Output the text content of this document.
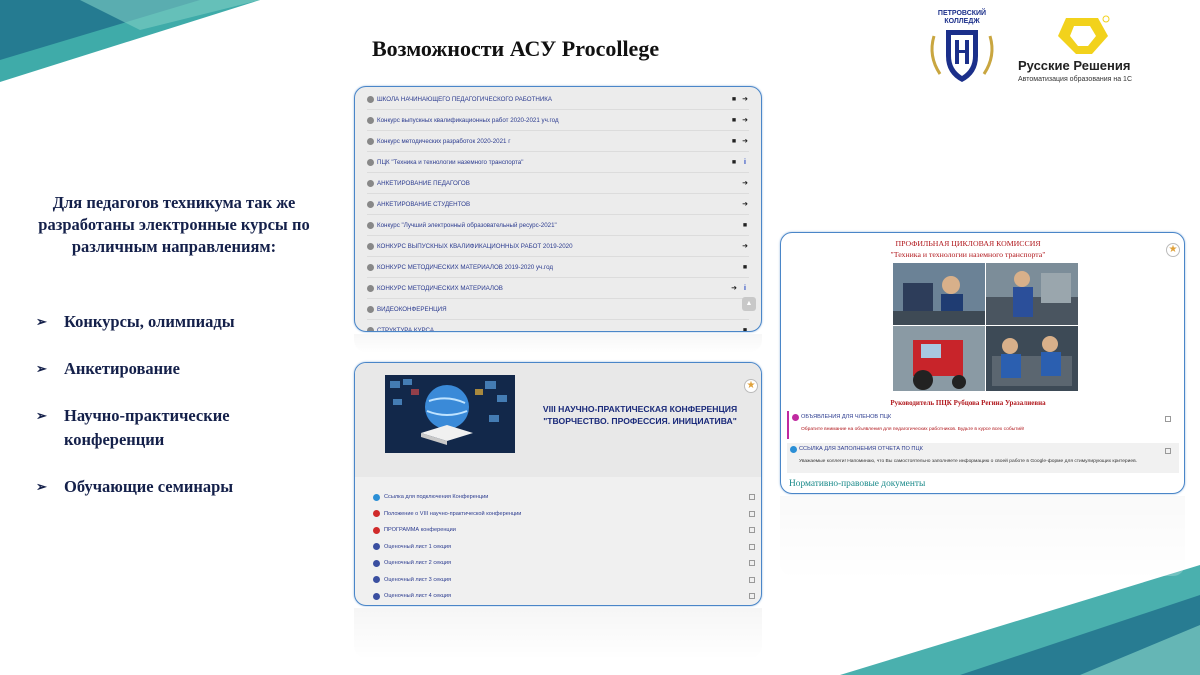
Возможности АСУ Procollege
ПЕТРОВСКИЙ
КОЛЛЕДЖ
Русские Решения
Автоматизация образования на 1С
Для педагогов техникума так же разработаны электронные курсы по различным направлениям:
➢ Конкурсы, олимпиады
➢ Анкетирование
➢ Научно-практические конференции
➢ Обучающие семинары
ШКОЛА НАЧИНАЮЩЕГО ПЕДАГОГИЧЕСКОГО РАБОТНИКА	■ ➜
Конкурс выпускных квалификационных работ 2020-2021 уч.год	■ ➜
Конкурс методических разработок 2020-2021 г	■ ➜
ПЦК "Техника и технологии наземного транспорта"	■	i
АНКЕТИРОВАНИЕ ПЕДАГОГОВ	➜
АНКЕТИРОВАНИЕ СТУДЕНТОВ	➜
Конкурс "Лучший электронный образовательный ресурс-2021"	■
КОНКУРС ВЫПУСКНЫХ КВАЛИФИКАЦИОННЫХ РАБОТ 2019-2020	➜
КОНКУРС МЕТОДИЧЕСКИХ МАТЕРИАЛОВ 2019-2020 уч.год	■
КОНКУРС МЕТОДИЧЕСКИХ МАТЕРИАЛОВ	➜	i
ВИДЕОКОНФЕРЕНЦИЯ
СТРУКТУРА КУРСА	■
▲
VIII НАУЧНО-ПРАКТИЧЕСКАЯ КОНФЕРЕНЦИЯ
"ТВОРЧЕСТВО. ПРОФЕССИЯ. ИНИЦИАТИВА"
★
Ссылка для подключения Конференции
Положение о VIII научно-практической конференции
ПРОГРАММА конференции
Оценочный лист 1 секция
Оценочный лист 2 секция
Оценочный лист 3 секция
Оценочный лист 4 секция
ПРОФИЛЬНАЯ ЦИКЛОВАЯ КОМИССИЯ
"Техника и технологии наземного транспорта"	★
Руководитель ПЦК Рубцова Регина Уразалиевна
ОБЪЯВЛЕНИЯ ДЛЯ ЧЛЕНОВ ПЦК
Обратите внимание на объявления для педагогических работников. Будьте в курсе всех событий!
ССЫЛКА ДЛЯ ЗАПОЛНЕНИЯ ОТЧЕТА ПО ПЦК
Уважаемые коллеги! Напоминаю, что Вы самостоятельно заполняете информацию о своей работе в Google-форме для стимулирующих критериев.
Нормативно-правовые документы
